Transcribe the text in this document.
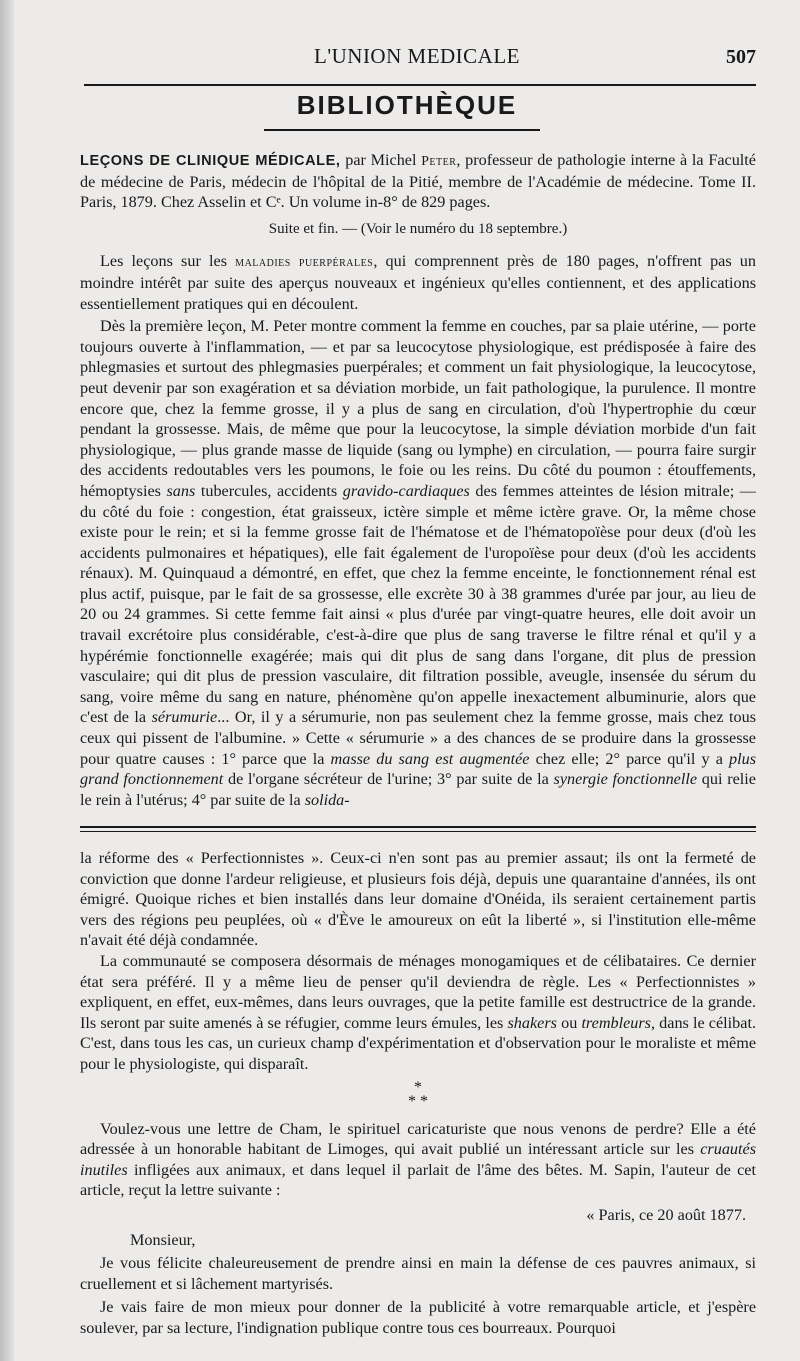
L'UNION MEDICALE	507
BIBLIOTHÈQUE

LEÇONS DE CLINIQUE MÉDICALE, par Michel Peter, professeur de pathologie interne à la Faculté de médecine de Paris, médecin de l'hôpital de la Pitié, membre de l'Académie de médecine. Tome II. Paris, 1879. Chez Asselin et Cᵉ. Un volume in-8° de 829 pages.

Suite et fin. — (Voir le numéro du 18 septembre.)

Les leçons sur les maladies puerpérales, qui comprennent près de 180 pages, n'offrent pas un moindre intérêt par suite des aperçus nouveaux et ingénieux qu'elles contiennent, et des applications essentiellement pratiques qui en découlent.

Dès la première leçon, M. Peter montre comment la femme en couches, par sa plaie utérine, — porte toujours ouverte à l'inflammation, — et par sa leucocytose physiologique, est prédisposée à faire des phlegmasies et surtout des phlegmasies puerpérales; et comment un fait physiologique, la leucocytose, peut devenir par son exagération et sa déviation morbide, un fait pathologique, la purulence. Il montre encore que, chez la femme grosse, il y a plus de sang en circulation, d'où l'hypertrophie du cœur pendant la grossesse. Mais, de même que pour la leucocytose, la simple déviation morbide d'un fait physiologique, — plus grande masse de liquide (sang ou lymphe) en circulation, — pourra faire surgir des accidents redoutables vers les poumons, le foie ou les reins. Du côté du poumon : étouffements, hémoptysies sans tubercules, accidents gravido-cardiaques des femmes atteintes de lésion mitrale; — du côté du foie : congestion, état graisseux, ictère simple et même ictère grave. Or, la même chose existe pour le rein; et si la femme grosse fait de l'hématose et de l'hématopoïèse pour deux (d'où les accidents pulmonaires et hépatiques), elle fait également de l'uropoïèse pour deux (d'où les accidents rénaux). M. Quinquaud a démontré, en effet, que chez la femme enceinte, le fonctionnement rénal est plus actif, puisque, par le fait de sa grossesse, elle excrète 30 à 38 grammes d'urée par jour, au lieu de 20 ou 24 grammes. Si cette femme fait ainsi « plus d'urée par vingt-quatre heures, elle doit avoir un travail excrétoire plus considérable, c'est-à-dire que plus de sang traverse le filtre rénal et qu'il y a hypérémie fonctionnelle exagérée; mais qui dit plus de sang dans l'organe, dit plus de pression vasculaire; qui dit plus de pression vasculaire, dit filtration possible, aveugle, insensée du sérum du sang, voire même du sang en nature, phénomène qu'on appelle inexactement albuminurie, alors que c'est de la sérumurie... Or, il y a sérumurie, non pas seulement chez la femme grosse, mais chez tous ceux qui pissent de l'albumine. » Cette « sérumurie » a des chances de se produire dans la grossesse pour quatre causes : 1° parce que la masse du sang est augmentée chez elle; 2° parce qu'il y a plus grand fonctionnement de l'organe sécréteur de l'urine; 3° par suite de la synergie fonctionnelle qui relie le rein à l'utérus; 4° par suite de la solida-

la réforme des « Perfectionnistes ». Ceux-ci n'en sont pas au premier assaut; ils ont la fermeté de conviction que donne l'ardeur religieuse, et plusieurs fois déjà, depuis une quarantaine d'années, ils ont émigré. Quoique riches et bien installés dans leur domaine d'Onéida, ils seraient certainement partis vers des régions peu peuplées, où « d'Ève le amoureux on eût la liberté », si l'institution elle-même n'avait été déjà condamnée.

La communauté se composera désormais de ménages monogamiques et de célibataires. Ce dernier état sera préféré. Il y a même lieu de penser qu'il deviendra de règle. Les « Perfectionnistes » expliquent, en effet, eux-mêmes, dans leurs ouvrages, que la petite famille est destructrice de la grande. Ils seront par suite amenés à se réfugier, comme leurs émules, les shakers ou trembleurs, dans le célibat. C'est, dans tous les cas, un curieux champ d'expérimentation et d'observation pour le moraliste et même pour le physiologiste, qui disparaît.

*
* *

Voulez-vous une lettre de Cham, le spirituel caricaturiste que nous venons de perdre? Elle a été adressée à un honorable habitant de Limoges, qui avait publié un intéressant article sur les cruautés inutiles infligées aux animaux, et dans lequel il parlait de l'âme des bêtes. M. Sapin, l'auteur de cet article, reçut la lettre suivante :

« Paris, ce 20 août 1877.

Monsieur,

Je vous félicite chaleureusement de prendre ainsi en main la défense de ces pauvres animaux, si cruellement et si lâchement martyrisés.

Je vais faire de mon mieux pour donner de la publicité à votre remarquable article, et j'espère soulever, par sa lecture, l'indignation publique contre tous ces bourreaux. Pourquoi
